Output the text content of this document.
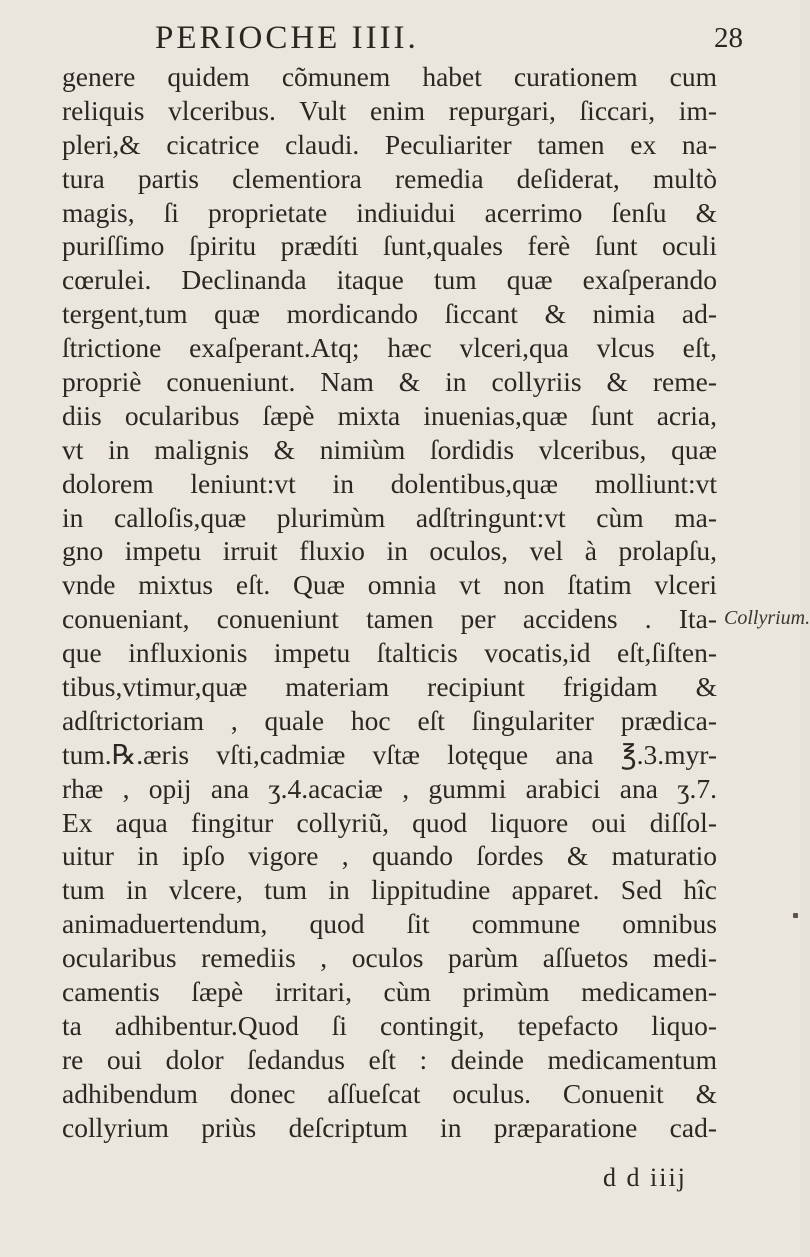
PERIOCHE IIII.	28
genere quidem cõmunem habet curationem cum
reliquis vlceribus. Vult enim repurgari, ſiccari, im-
pleri,& cicatrice claudi. Peculiariter tamen ex na-
tura partis clementiora remedia deſiderat, multò
magis, ſi proprietate indiuidui acerrimo ſenſu &
puriſſimo ſpiritu prædíti ſunt,quales ferè ſunt oculi
cœrulei. Declinanda itaque tum quæ exaſperando
tergent,tum quæ mordicando ſiccant & nimia ad-
ſtrictione exaſperant.Atq; hæc vlceri,qua vlcus eſt,
propriè conueniunt. Nam & in collyriis & reme-
diis ocularibus ſæpè mixta inuenias,quæ ſunt acria,
vt in malignis & nimiùm ſordidis vlceribus, quæ
dolorem leniunt:vt in dolentibus,quæ molliunt:vt
in calloſis,quæ plurimùm adſtringunt:vt cùm ma-
gno impetu irruit fluxio in oculos, vel à prolapſu,
vnde mixtus eſt. Quæ omnia vt non ſtatim vlceri
conueniant, conueniunt tamen per accidens . Ita-
que influxionis impetu ſtalticis vocatis,id eſt,ſiſten-
tibus,vtimur,quæ materiam recipiunt frigidam &
adſtrictoriam , quale hoc eſt ſingulariter prædica-
tum.℞.æris vſti,cadmiæ vſtæ lotęque ana ℥.3.myr-
rhæ , opij ana ʒ.4.acaciæ , gummi arabici ana ʒ.7.
Ex aqua fingitur collyriũ, quod liquore oui diſſol-
uitur in ipſo vigore , quando ſordes & maturatio
tum in vlcere, tum in lippitudine apparet. Sed hîc
animaduertendum, quod ſit commune omnibus
ocularibus remediis , oculos parùm aſſuetos medi-
camentis ſæpè irritari, cùm primùm medicamen-
ta adhibentur.Quod ſi contingit, tepefacto liquo-
re oui dolor ſedandus eſt : deinde medicamentum
adhibendum donec aſſueſcat oculus. Conuenit &
collyrium priùs deſcriptum in præparatione cad-
Collyrium.
d d iiij
